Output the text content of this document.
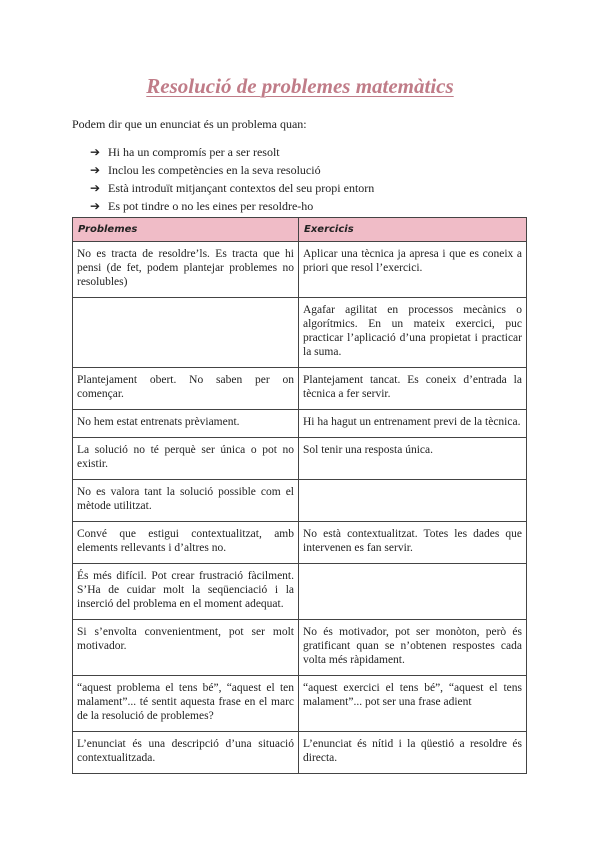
Resolució de problemes matemàtics
Podem dir que un enunciat és un problema quan:
➔ Hi ha un compromís per a ser resolt
➔ Inclou les competències en la seva resolució
➔ Està introduït mitjançant contextos del seu propi entorn
➔ Es pot tindre o no les eines per resoldre-ho
Problemes	Exercicis
No es tracta de resoldre’ls. Es tracta que hi pensi (de fet, podem plantejar problemes no resolubles)	Aplicar una tècnica ja apresa i que es coneix a priori que resol l’exercici.
	Agafar agilitat en processos mecànics o algorítmics. En un mateix exercici, puc practicar l’aplicació d’una propietat i practicar la suma.
Plantejament obert. No saben per on començar.	Plantejament tancat. Es coneix d’entrada la tècnica a fer servir.
No hem estat entrenats prèviament.	Hi ha hagut un entrenament previ de la tècnica.
La solució no té perquè ser única o pot no existir.	Sol tenir una resposta única.
No es valora tant la solució possible com el mètode utilitzat.	
Convé que estigui contextualitzat, amb elements rellevants i d’altres no.	No està contextualitzat. Totes les dades que intervenen es fan servir.
És més difícil. Pot crear frustració fàcilment. S’Ha de cuidar molt la seqüenciació i la inserció del problema en el moment adequat.	
Si s’envolta convenientment, pot ser molt motivador.	No és motivador, pot ser monòton, però és gratificant quan se n’obtenen respostes cada volta més ràpidament.
“aquest problema el tens bé”, “aquest el ten malament”... té sentit aquesta frase en el marc de la resolució de problemes?	“aquest exercici el tens bé”, “aquest el tens malament”... pot ser una frase adient
L’enunciat és una descripció d’una situació contextualitzada.	L’enunciat és nítid i la qüestió a resoldre és directa.
